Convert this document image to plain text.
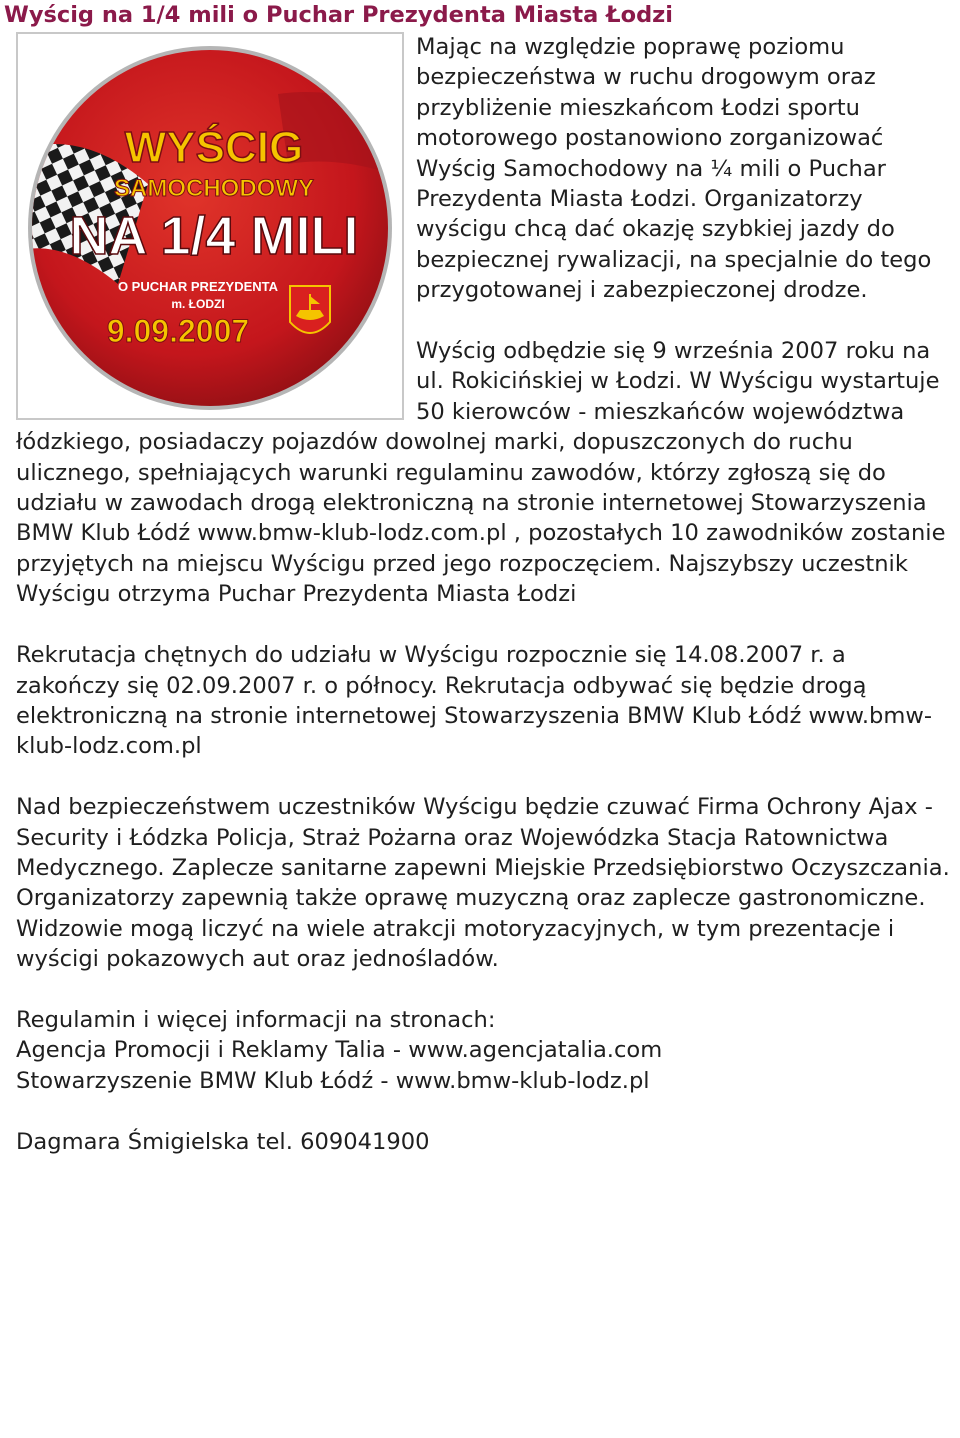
Wyścig na 1/4 mili o Puchar Prezydenta Miasta Łodzi
WYŚCIG
SAMOCHODOWY
NA 1/4 MILI
O PUCHAR PREZYDENTA
m. ŁODZI
9.09.2007

Mając na względzie poprawę poziomu bezpieczeństwa w ruchu drogowym oraz przybliżenie mieszkańcom Łodzi sportu motorowego postanowiono zorganizować Wyścig Samochodowy na ¼ mili o Puchar Prezydenta Miasta Łodzi. Organizatorzy wyścigu chcą dać okazję szybkiej jazdy do bezpiecznej rywalizacji, na specjalnie do tego przygotowanej i zabezpieczonej drodze.

Wyścig odbędzie się 9 września 2007 roku na ul. Rokicińskiej w Łodzi. W Wyścigu wystartuje 50 kierowców - mieszkańców województwa łódzkiego, posiadaczy pojazdów dowolnej marki, dopuszczonych do ruchu ulicznego, spełniających warunki regulaminu zawodów, którzy zgłoszą się do udziału w zawodach drogą elektroniczną na stronie internetowej Stowarzyszenia BMW Klub Łódź www.bmw-klub-lodz.com.pl , pozostałych 10 zawodników zostanie przyjętych na miejscu Wyścigu przed jego rozpoczęciem. Najszybszy uczestnik Wyścigu otrzyma Puchar Prezydenta Miasta Łodzi

Rekrutacja chętnych do udziału w Wyścigu rozpocznie się 14.08.2007 r. a zakończy się 02.09.2007 r. o północy. Rekrutacja odbywać się będzie drogą elektroniczną na stronie internetowej Stowarzyszenia BMW Klub Łódź www.bmw-klub-lodz.com.pl

Nad bezpieczeństwem uczestników Wyścigu będzie czuwać Firma Ochrony Ajax - Security i Łódzka Policja, Straż Pożarna oraz Wojewódzka Stacja Ratownictwa Medycznego. Zaplecze sanitarne zapewni Miejskie Przedsiębiorstwo Oczyszczania. Organizatorzy zapewnią także oprawę muzyczną oraz zaplecze gastronomiczne. Widzowie mogą liczyć na wiele atrakcji motoryzacyjnych, w tym prezentacje i wyścigi pokazowych aut oraz jednośladów.

Regulamin i więcej informacji na stronach:

Agencja Promocji i Reklamy Talia - www.agencjatalia.com

Stowarzyszenie BMW Klub Łódź - www.bmw-klub-lodz.pl

Dagmara Śmigielska tel. 609041900
